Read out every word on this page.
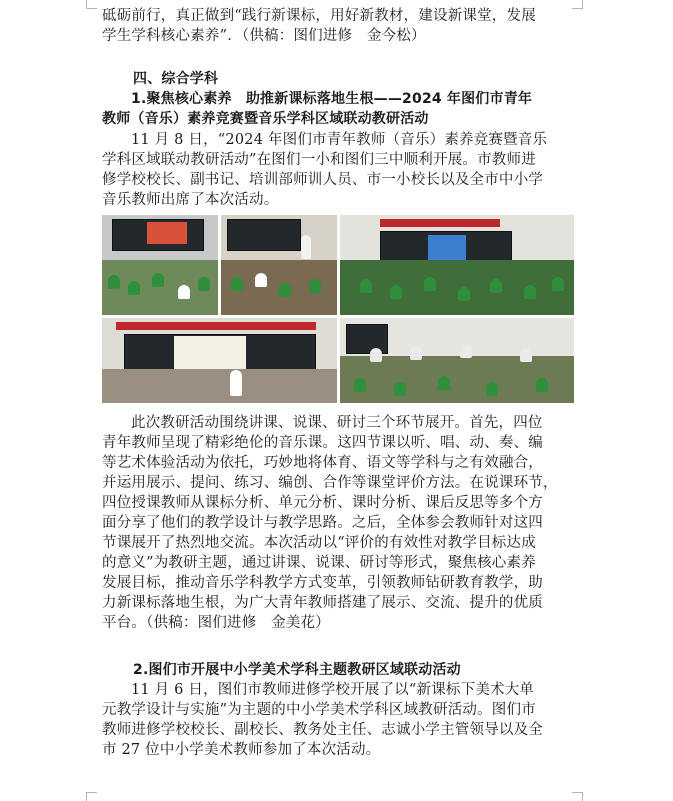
砥砺前行，真正做到“践行新课标，用好新教材，建设新课堂，发展
学生学科核心素养”．（供稿：图们进修　金今松）
四、综合学科
1.聚焦核心素养　助推新课标落地生根——2024 年图们市青年
教师（音乐）素养竞赛暨音乐学科区域联动教研活动
11 月 8 日，“2024 年图们市青年教师（音乐）素养竞赛暨音乐
学科区域联动教研活动”在图们一小和图们三中顺利开展。市教师进
修学校校长、副书记、培训部师训人员、市一小校长以及全市中小学
音乐教师出席了本次活动。
此次教研活动围绕讲课、说课、研讨三个环节展开。首先，四位
青年教师呈现了精彩绝伦的音乐课。这四节课以听、唱、动、奏、编
等艺术体验活动为依托，巧妙地将体育、语文等学科与之有效融合，
并运用展示、提问、练习、编创、合作等课堂评价方法。在说课环节，
四位授课教师从课标分析、单元分析、课时分析、课后反思等多个方
面分享了他们的教学设计与教学思路。之后，全体参会教师针对这四
节课展开了热烈地交流。本次活动以“评价的有效性对教学目标达成
的意义”为教研主题，通过讲课、说课、研讨等形式，聚焦核心素养
发展目标，推动音乐学科教学方式变革，引领教师钻研教育教学，助
力新课标落地生根，为广大青年教师搭建了展示、交流、提升的优质
平台。（供稿：图们进修　金美花）
2.图们市开展中小学美术学科主题教研区域联动活动
11 月 6 日，图们市教师进修学校开展了以“新课标下美术大单
元教学设计与实施”为主题的中小学美术学科区域教研活动。图们市
教师进修学校校长、副校长、教务处主任、志诚小学主管领导以及全
市 27 位中小学美术教师参加了本次活动。
